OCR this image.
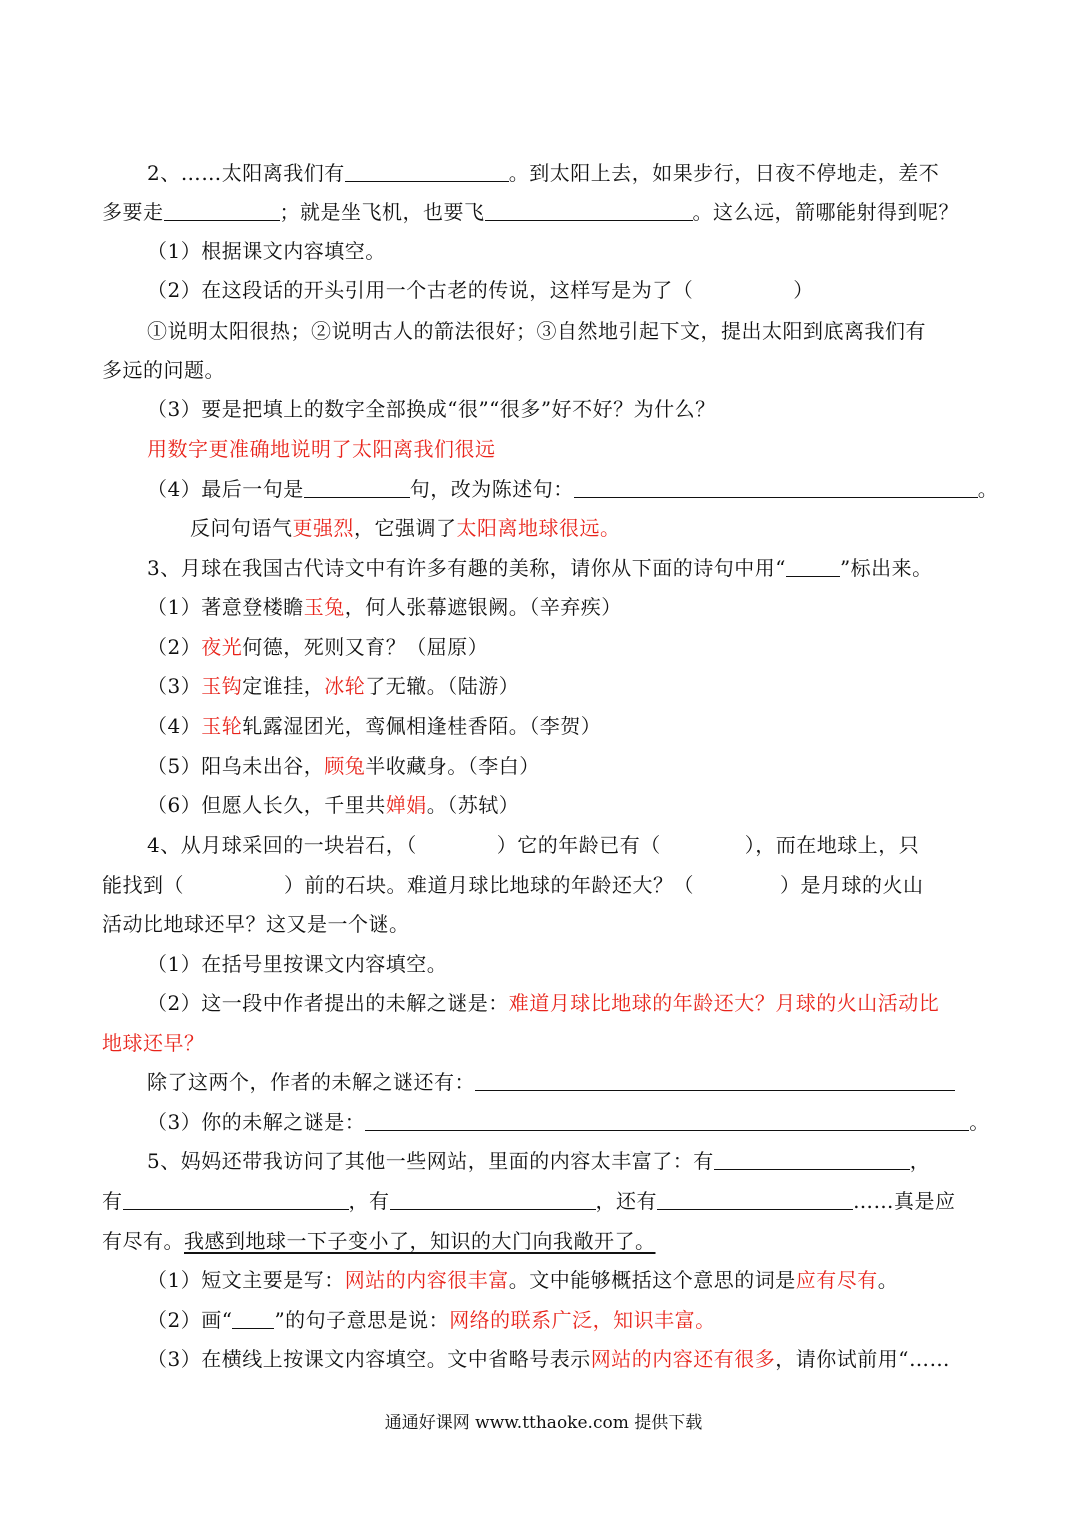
2、……太阳离我们有	。到太阳上去，如果步行，日夜不停地走，差不
多要走	；就是坐飞机，也要飞	。这么远，箭哪能射得到呢？
（1）根据课文内容填空。
（2）在这段话的开头引用一个古老的传说，这样写是为了（	）
①说明太阳很热；②说明古人的箭法很好；③自然地引起下文，提出太阳到底离我们有
多远的问题。
（3）要是把填上的数字全部换成“很”“很多”好不好？为什么？
用数字更准确地说明了太阳离我们很远
（4）最后一句是	句，改为陈述句：	。
反问句语气更强烈，它强调了太阳离地球很远。
3、月球在我国古代诗文中有许多有趣的美称，请你从下面的诗句中用“	”标出来。
（1）著意登楼瞻玉兔，何人张幕遮银阙。（辛弃疾）
（2）夜光何德，死则又育？（屈原）
（3）玉钩定谁挂，冰轮了无辙。（陆游）
（4）玉轮轧露湿团光，鸾佩相逢桂香陌。（李贺）
（5）阳乌未出谷，顾兔半收藏身。（李白）
（6）但愿人长久，千里共婵娟。（苏轼）
4、从月球采回的一块岩石，（	）它的年龄已有（	），而在地球上，只
能找到（	）前的石块。难道月球比地球的年龄还大？（	）是月球的火山
活动比地球还早？这又是一个谜。
（1）在括号里按课文内容填空。
（2）这一段中作者提出的未解之谜是：难道月球比地球的年龄还大？月球的火山活动比
地球还早？
除了这两个，作者的未解之谜还有：
（3）你的未解之谜是：	。
5、妈妈还带我访问了其他一些网站，里面的内容太丰富了：有	，
有	，有	，还有	……真是应
有尽有。我感到地球一下子变小了，知识的大门向我敞开了。
（1）短文主要是写：网站的内容很丰富。文中能够概括这个意思的词是应有尽有。
（2）画“ ”的句子意思是说：网络的联系广泛，知识丰富。
（3）在横线上按课文内容填空。文中省略号表示网站的内容还有很多，请你试前用“……
通通好课网 www.tthaoke.com 提供下载
